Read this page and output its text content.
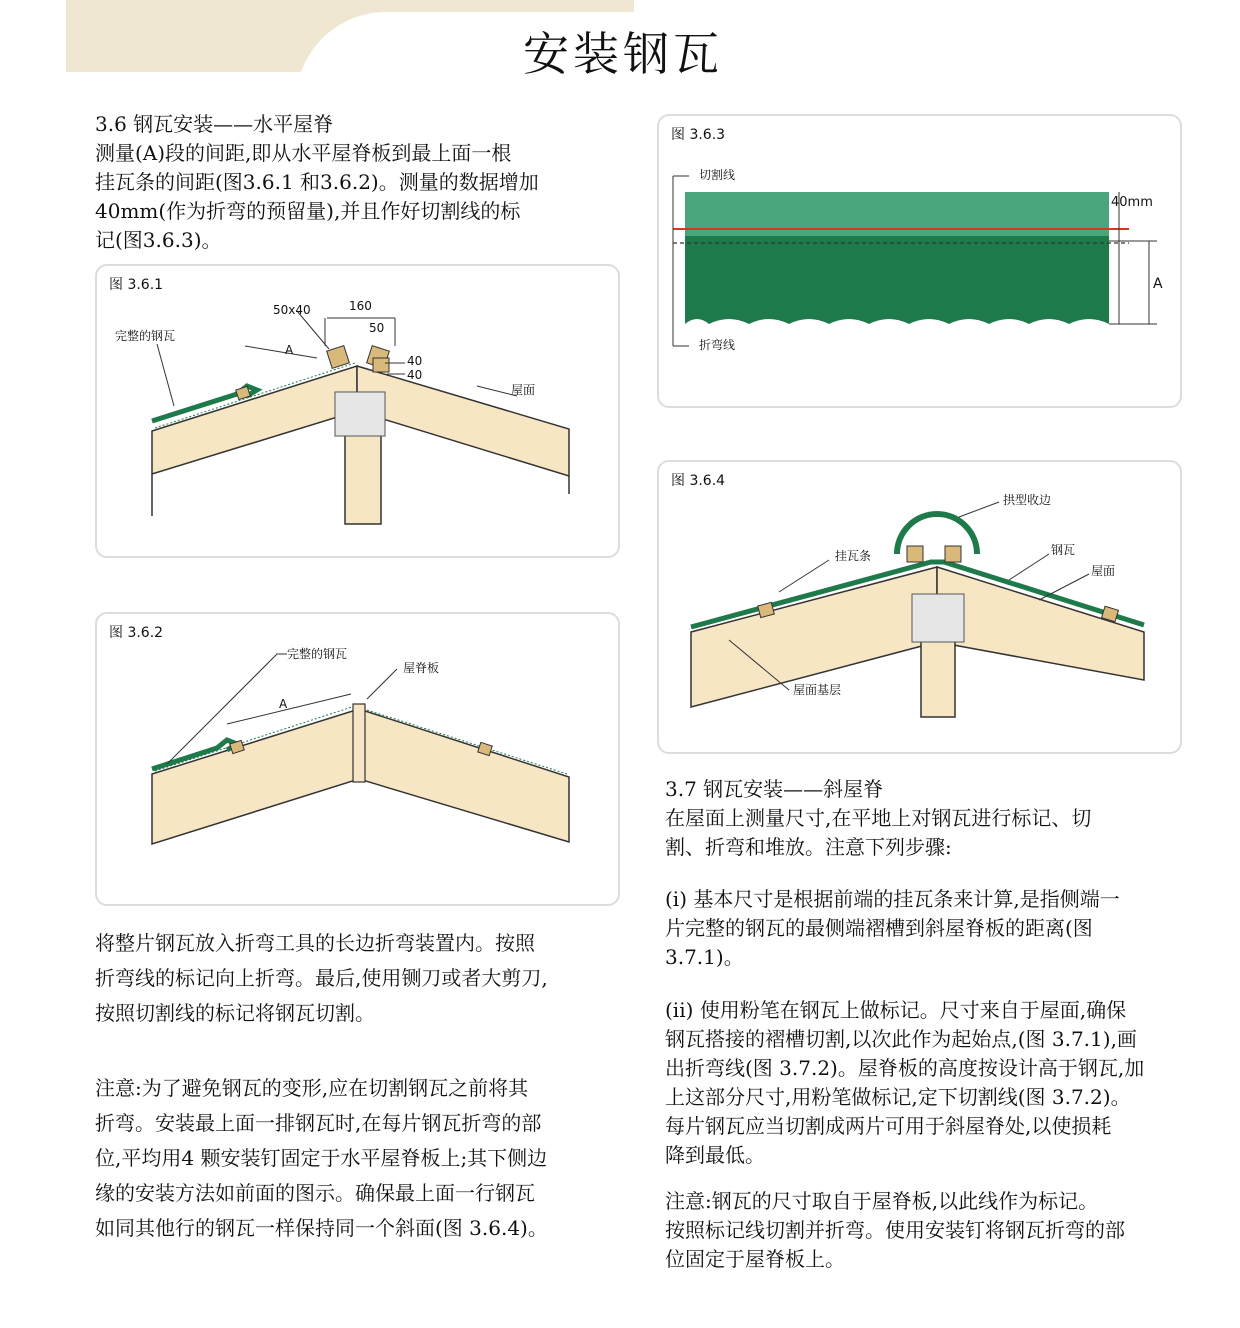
安装钢瓦
3.6 钢瓦安装——水平屋脊
测量(A)段的间距,即从水平屋脊板到最上面一根
挂瓦条的间距(图3.6.1 和3.6.2)。测量的数据增加
40mm(作为折弯的预留量),并且作好切割线的标
记(图3.6.3)。
图 3.6.1
完整的钢瓦
A
50x40	160
50
40
40
屋面
图 3.6.2
完整的钢瓦
A
屋脊板
将整片钢瓦放入折弯工具的长边折弯装置内。按照
折弯线的标记向上折弯。最后,使用铡刀或者大剪刀,
按照切割线的标记将钢瓦切割。
注意:为了避免钢瓦的变形,应在切割钢瓦之前将其
折弯。安装最上面一排钢瓦时,在每片钢瓦折弯的部
位,平均用4 颗安装钉固定于水平屋脊板上;其下侧边
缘的安装方法如前面的图示。确保最上面一行钢瓦
如同其他行的钢瓦一样保持同一个斜面(图 3.6.4)。
图 3.6.3
切割线
40mm
A
折弯线
图 3.6.4
挂瓦条
拱型收边
钢瓦
屋面
屋面基层
3.7 钢瓦安装——斜屋脊
在屋面上测量尺寸,在平地上对钢瓦进行标记、切
割、折弯和堆放。注意下列步骤:
(i) 基本尺寸是根据前端的挂瓦条来计算,是指侧端一
片完整的钢瓦的最侧端褶槽到斜屋脊板的距离(图
3.7.1)。
(ii) 使用粉笔在钢瓦上做标记。尺寸来自于屋面,确保
钢瓦搭接的褶槽切割,以次此作为起始点,(图 3.7.1),画
出折弯线(图 3.7.2)。屋脊板的高度按设计高于钢瓦,加
上这部分尺寸,用粉笔做标记,定下切割线(图 3.7.2)。
每片钢瓦应当切割成两片可用于斜屋脊处,以使损耗
降到最低。
注意:钢瓦的尺寸取自于屋脊板,以此线作为标记。
按照标记线切割并折弯。使用安装钉将钢瓦折弯的部
位固定于屋脊板上。
